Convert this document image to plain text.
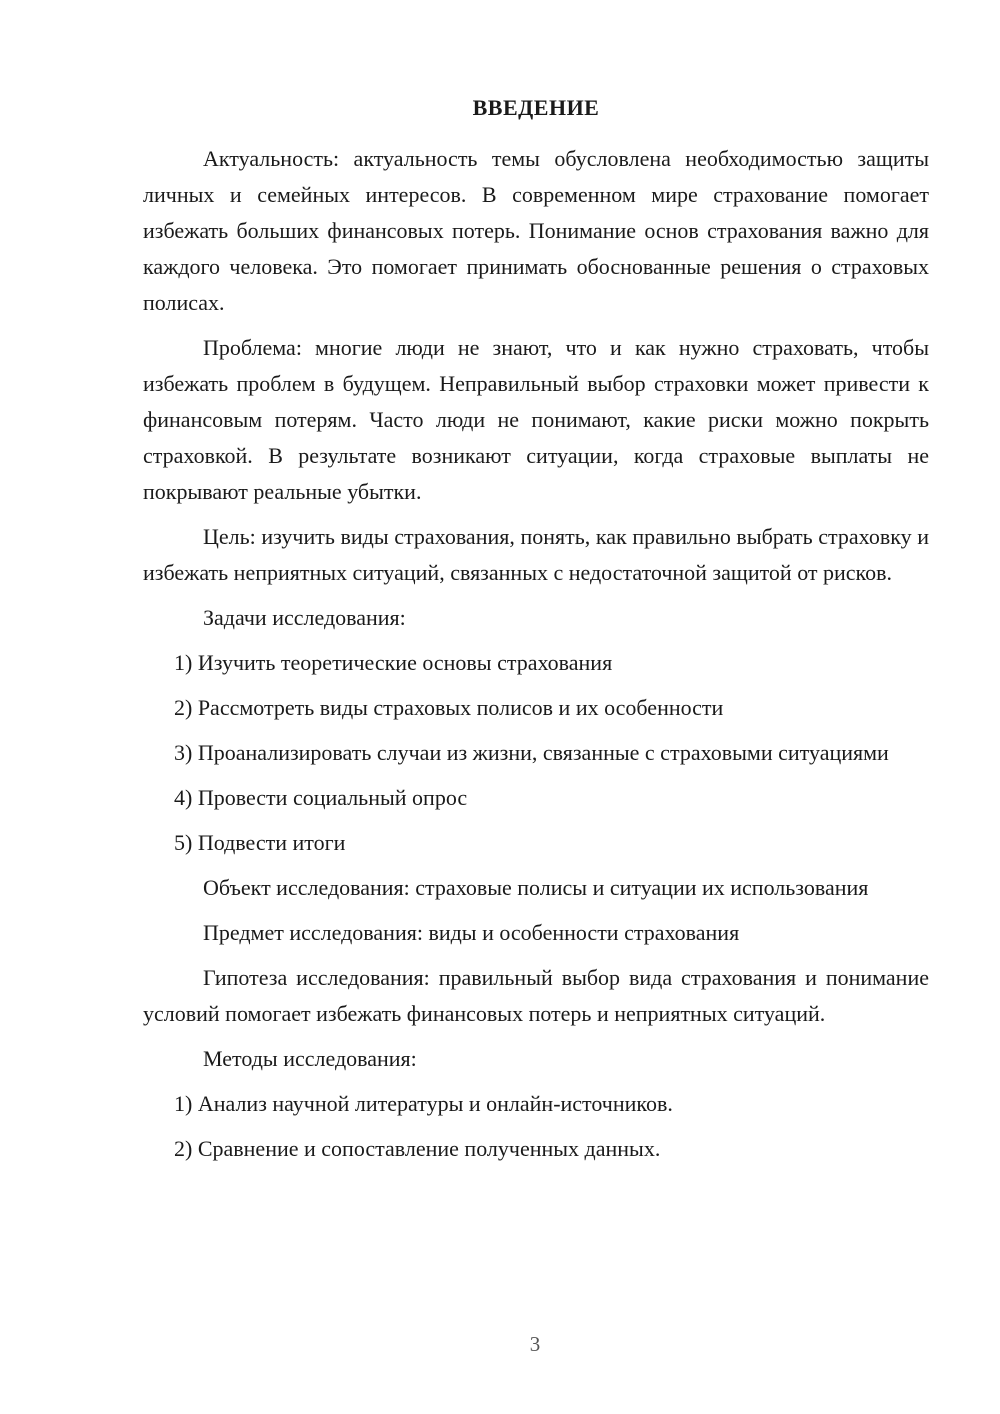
ВВЕДЕНИЕ

Актуальность: актуальность темы обусловлена необходимостью защиты личных и семейных интересов. В современном мире страхование помогает избежать больших финансовых потерь. Понимание основ страхования важно для каждого человека. Это помогает принимать обоснованные решения о страховых полисах.

Проблема: многие люди не знают, что и как нужно страховать, чтобы избежать проблем в будущем. Неправильный выбор страховки может привести к финансовым потерям. Часто люди не понимают, какие риски можно покрыть страховкой. В результате возникают ситуации, когда страховые выплаты не покрывают реальные убытки.

Цель: изучить виды страхования, понять, как правильно выбрать страховку и избежать неприятных ситуаций, связанных с недостаточной защитой от рисков.

Задачи исследования:

1) Изучить теоретические основы страхования

2) Рассмотреть виды страховых полисов и их особенности

3) Проанализировать случаи из жизни, связанные с страховыми ситуациями

4) Провести социальный опрос

5) Подвести итоги

Объект исследования: страховые полисы и ситуации их использования

Предмет исследования: виды и особенности страхования

Гипотеза исследования: правильный выбор вида страхования и понимание условий помогает избежать финансовых потерь и неприятных ситуаций.

Методы исследования:

1) Анализ научной литературы и онлайн-источников.

2) Сравнение и сопоставление полученных данных.

3
